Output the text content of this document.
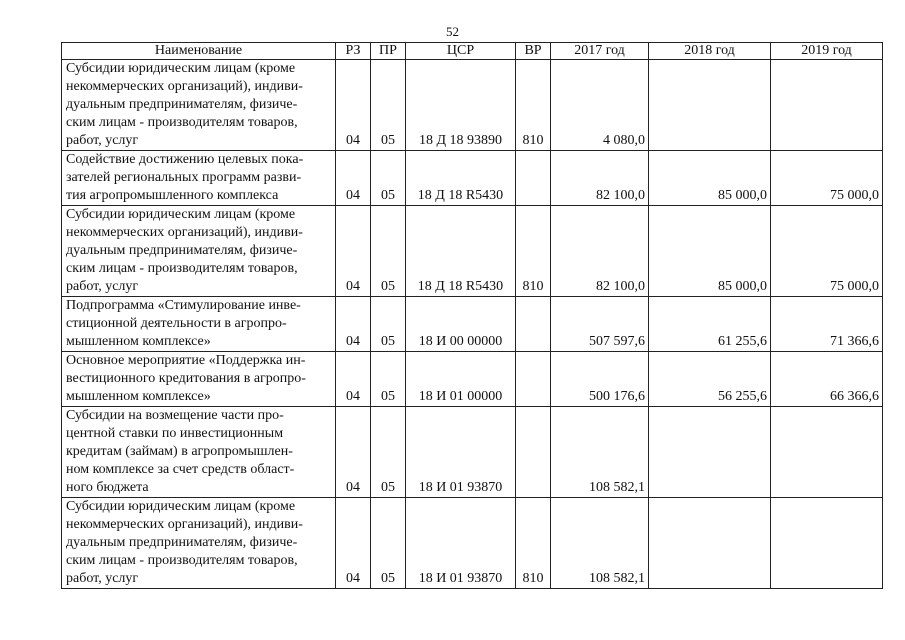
52
Наименование	РЗ	ПР	ЦСР	ВР	2017 год	2018 год	2019 год

Субсидии юридическим лицам (кроме
некоммерческих организаций), индиви-
дуальным предпринимателям, физиче-
ским лицам - производителям товаров,
работ, услуг	04	05	18 Д 18 93890	810	4 080,0		

Содействие достижению целевых пока-
зателей региональных программ разви-
тия агропромышленного комплекса	04	05	18 Д 18 R5430		82 100,0	85 000,0	75 000,0

Субсидии юридическим лицам (кроме
некоммерческих организаций), индиви-
дуальным предпринимателям, физиче-
ским лицам - производителям товаров,
работ, услуг	04	05	18 Д 18 R5430	810	82 100,0	85 000,0	75 000,0

Подпрограмма «Стимулирование инве-
стиционной деятельности в агропро-
мышленном комплексе»	04	05	18 И 00 00000		507 597,6	61 255,6	71 366,6

Основное мероприятие «Поддержка ин-
вестиционного кредитования в агропро-
мышленном комплексе»	04	05	18 И 01 00000		500 176,6	56 255,6	66 366,6

Субсидии на возмещение части про-
центной ставки по инвестиционным
кредитам (займам) в агропромышлен-
ном комплексе за счет средств област-
ного бюджета	04	05	18 И 01 93870		108 582,1		

Субсидии юридическим лицам (кроме
некоммерческих организаций), индиви-
дуальным предпринимателям, физиче-
ским лицам - производителям товаров,
работ, услуг	04	05	18 И 01 93870	810	108 582,1		
